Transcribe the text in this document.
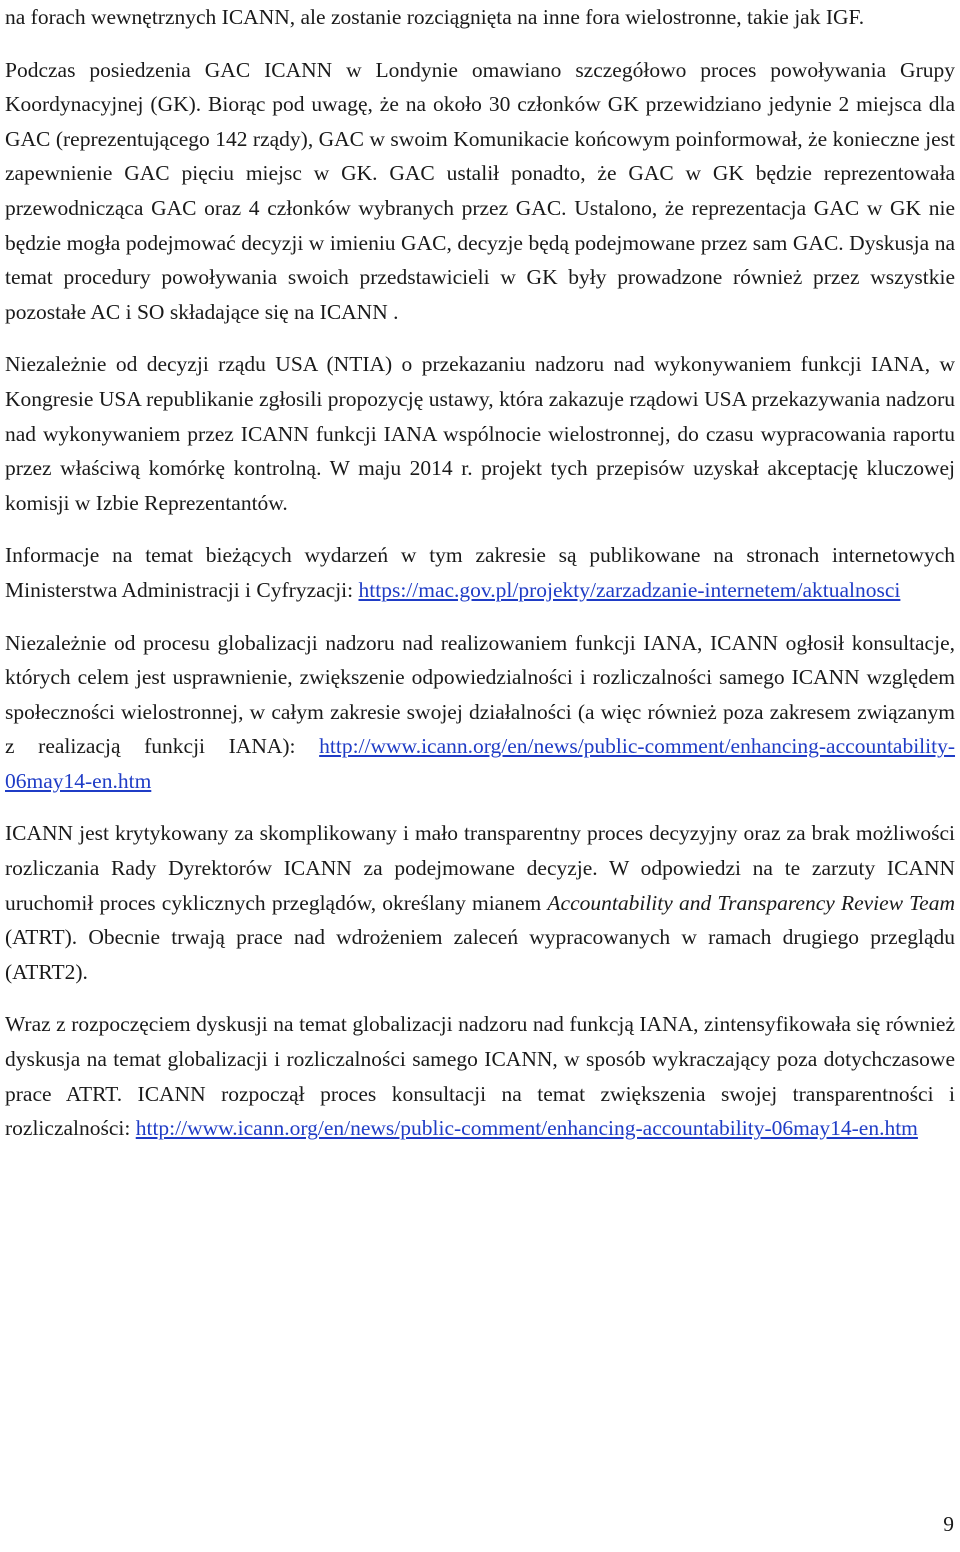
na forach wewnętrznych ICANN, ale zostanie rozciągnięta na inne fora wielostronne, takie jak IGF.

Podczas posiedzenia GAC ICANN w Londynie omawiano szczegółowo proces powoływania Grupy Koordynacyjnej (GK). Biorąc pod uwagę, że na około 30 członków GK przewidziano jedynie 2 miejsca dla GAC (reprezentującego 142 rządy), GAC w swoim Komunikacie końcowym poinformował, że konieczne jest zapewnienie GAC pięciu miejsc w GK. GAC ustalił ponadto, że GAC w GK będzie reprezentowała przewodnicząca GAC oraz 4 członków wybranych przez GAC. Ustalono, że reprezentacja GAC w GK nie będzie mogła podejmować decyzji w imieniu GAC, decyzje będą podejmowane przez sam GAC. Dyskusja na temat procedury powoływania swoich przedstawicieli w GK były prowadzone również przez wszystkie pozostałe AC i SO składające się na ICANN .

Niezależnie od decyzji rządu USA (NTIA) o przekazaniu nadzoru nad wykonywaniem funkcji IANA, w Kongresie USA republikanie zgłosili propozycję ustawy, która zakazuje rządowi USA przekazywania nadzoru nad wykonywaniem przez ICANN funkcji IANA wspólnocie wielostronnej, do czasu wypracowania raportu przez właściwą komórkę kontrolną. W maju 2014 r. projekt tych przepisów uzyskał akceptację kluczowej komisji w Izbie Reprezentantów.

Informacje na temat bieżących wydarzeń w tym zakresie są publikowane na stronach internetowych Ministerstwa Administracji i Cyfryzacji: https://mac.gov.pl/projekty/zarzadzanie-internetem/aktualnosci

Niezależnie od procesu globalizacji nadzoru nad realizowaniem funkcji IANA, ICANN ogłosił konsultacje, których celem jest usprawnienie, zwiększenie odpowiedzialności i rozliczalności samego ICANN względem społeczności wielostronnej, w całym zakresie swojej działalności (a więc również poza zakresem związanym z realizacją funkcji IANA): http://www.icann.org/en/news/public-comment/enhancing-accountability-06may14-en.htm

ICANN jest krytykowany za skomplikowany i mało transparentny proces decyzyjny oraz za brak możliwości rozliczania Rady Dyrektorów ICANN za podejmowane decyzje. W odpowiedzi na te zarzuty ICANN uruchomił proces cyklicznych przeglądów, określany mianem Accountability and Transparency Review Team (ATRT). Obecnie trwają prace nad wdrożeniem zaleceń wypracowanych w ramach drugiego przeglądu (ATRT2).

Wraz z rozpoczęciem dyskusji na temat globalizacji nadzoru nad funkcją IANA, zintensyfikowała się również dyskusja na temat globalizacji i rozliczalności samego ICANN, w sposób wykraczający poza dotychczasowe prace ATRT. ICANN rozpoczął proces konsultacji na temat zwiększenia swojej transparentności i rozliczalności: http://www.icann.org/en/news/public-comment/enhancing-accountability-06may14-en.htm

9
